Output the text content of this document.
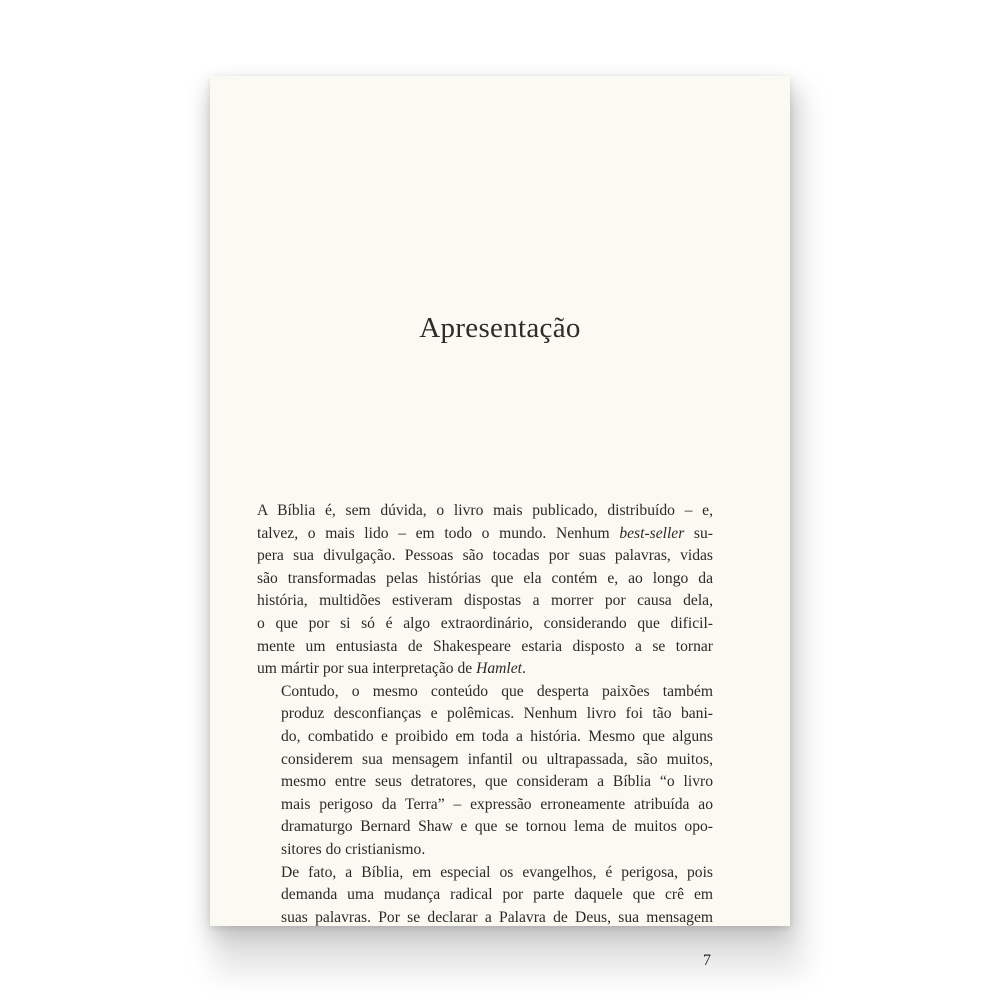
Apresentação

A Bíblia é, sem dúvida, o livro mais publicado, distribuído – e,
talvez, o mais lido – em todo o mundo. Nenhum best-seller su-
pera sua divulgação. Pessoas são tocadas por suas palavras, vidas
são transformadas pelas histórias que ela contém e, ao longo da
história, multidões estiveram dispostas a morrer por causa dela,
o que por si só é algo extraordinário, considerando que dificil-
mente um entusiasta de Shakespeare estaria disposto a se tornar
um mártir por sua interpretação de Hamlet.

Contudo, o mesmo conteúdo que desperta paixões também
produz desconfianças e polêmicas. Nenhum livro foi tão bani-
do, combatido e proibido em toda a história. Mesmo que alguns
considerem sua mensagem infantil ou ultrapassada, são muitos,
mesmo entre seus detratores, que consideram a Bíblia “o livro
mais perigoso da Terra” – expressão erroneamente atribuída ao
dramaturgo Bernard Shaw e que se tornou lema de muitos opo-
sitores do cristianismo.

De fato, a Bíblia, em especial os evangelhos, é perigosa, pois
demanda uma mudança radical por parte daquele que crê em
suas palavras. Por se declarar a Palavra de Deus, sua mensagem

7
